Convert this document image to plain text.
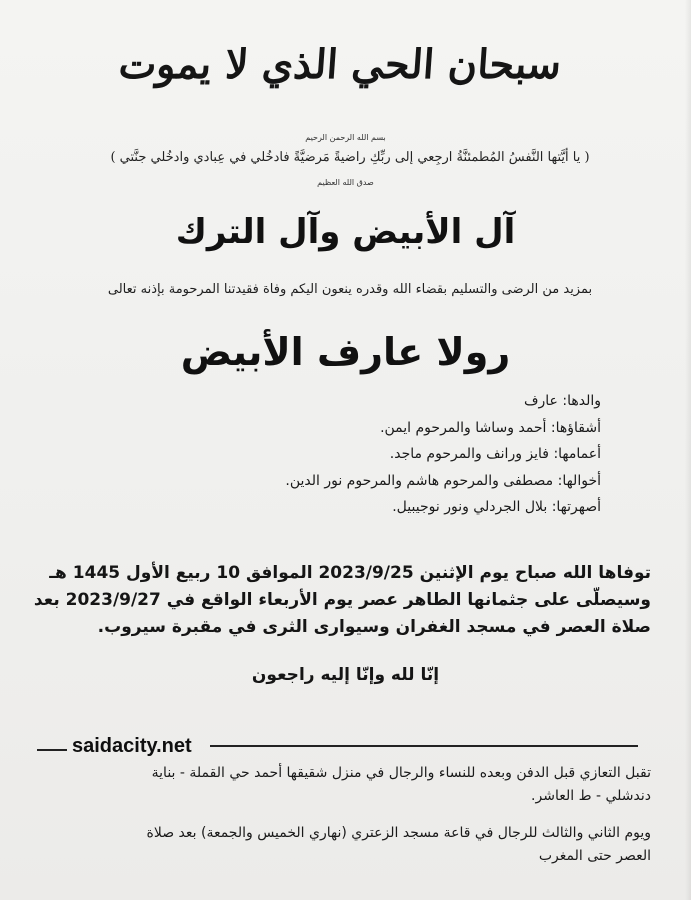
سبحان الحي الذي لا يموت
بسم الله الرحمن الرحيم
( يا أيَّتها النَّفسُ المُطمئنَّةُ ارجِعي إلى ربِّكِ راضيةً مَرضيَّةً فادخُلي في عِبادي وادخُلي جنَّتي )
صدق الله العظيم
آل الأبيض وآل الترك
بمزيد من الرضى والتسليم بقضاء الله وقدره ينعون اليكم وفاة فقيدتنا المرحومة بإذنه تعالى
رولا عارف الأبيض
والدها: عارف
أشقاؤها: أحمد وساشا والمرحوم ايمن.
أعمامها: فايز ورانف والمرحوم ماجد.
أخوالها: مصطفى والمرحوم هاشم والمرحوم نور الدين.
أصهرتها: بلال الجردلي ونور نوجيبيل.
توفاها الله صباح يوم الإثنين 2023/9/25 الموافق 10 ربيع الأول 1445 هـ
وسيصلّى على جثمانها الطاهر عصر يوم الأربعاء الواقع في 2023/9/27 بعد
صلاة العصر في مسجد الغفران وسيوارى الثرى في مقبرة سيروب.
إنّا لله وإنّا إليه راجعون
saidacity.net

تقبل التعازي قبل الدفن وبعده للنساء والرجال في منزل شقيقها أحمد حي القملة - بناية
دندشلي - ط العاشر.

ويوم الثاني والثالث للرجال في قاعة مسجد الزعتري (نهاري الخميس والجمعة) بعد صلاة
العصر حتى المغرب
